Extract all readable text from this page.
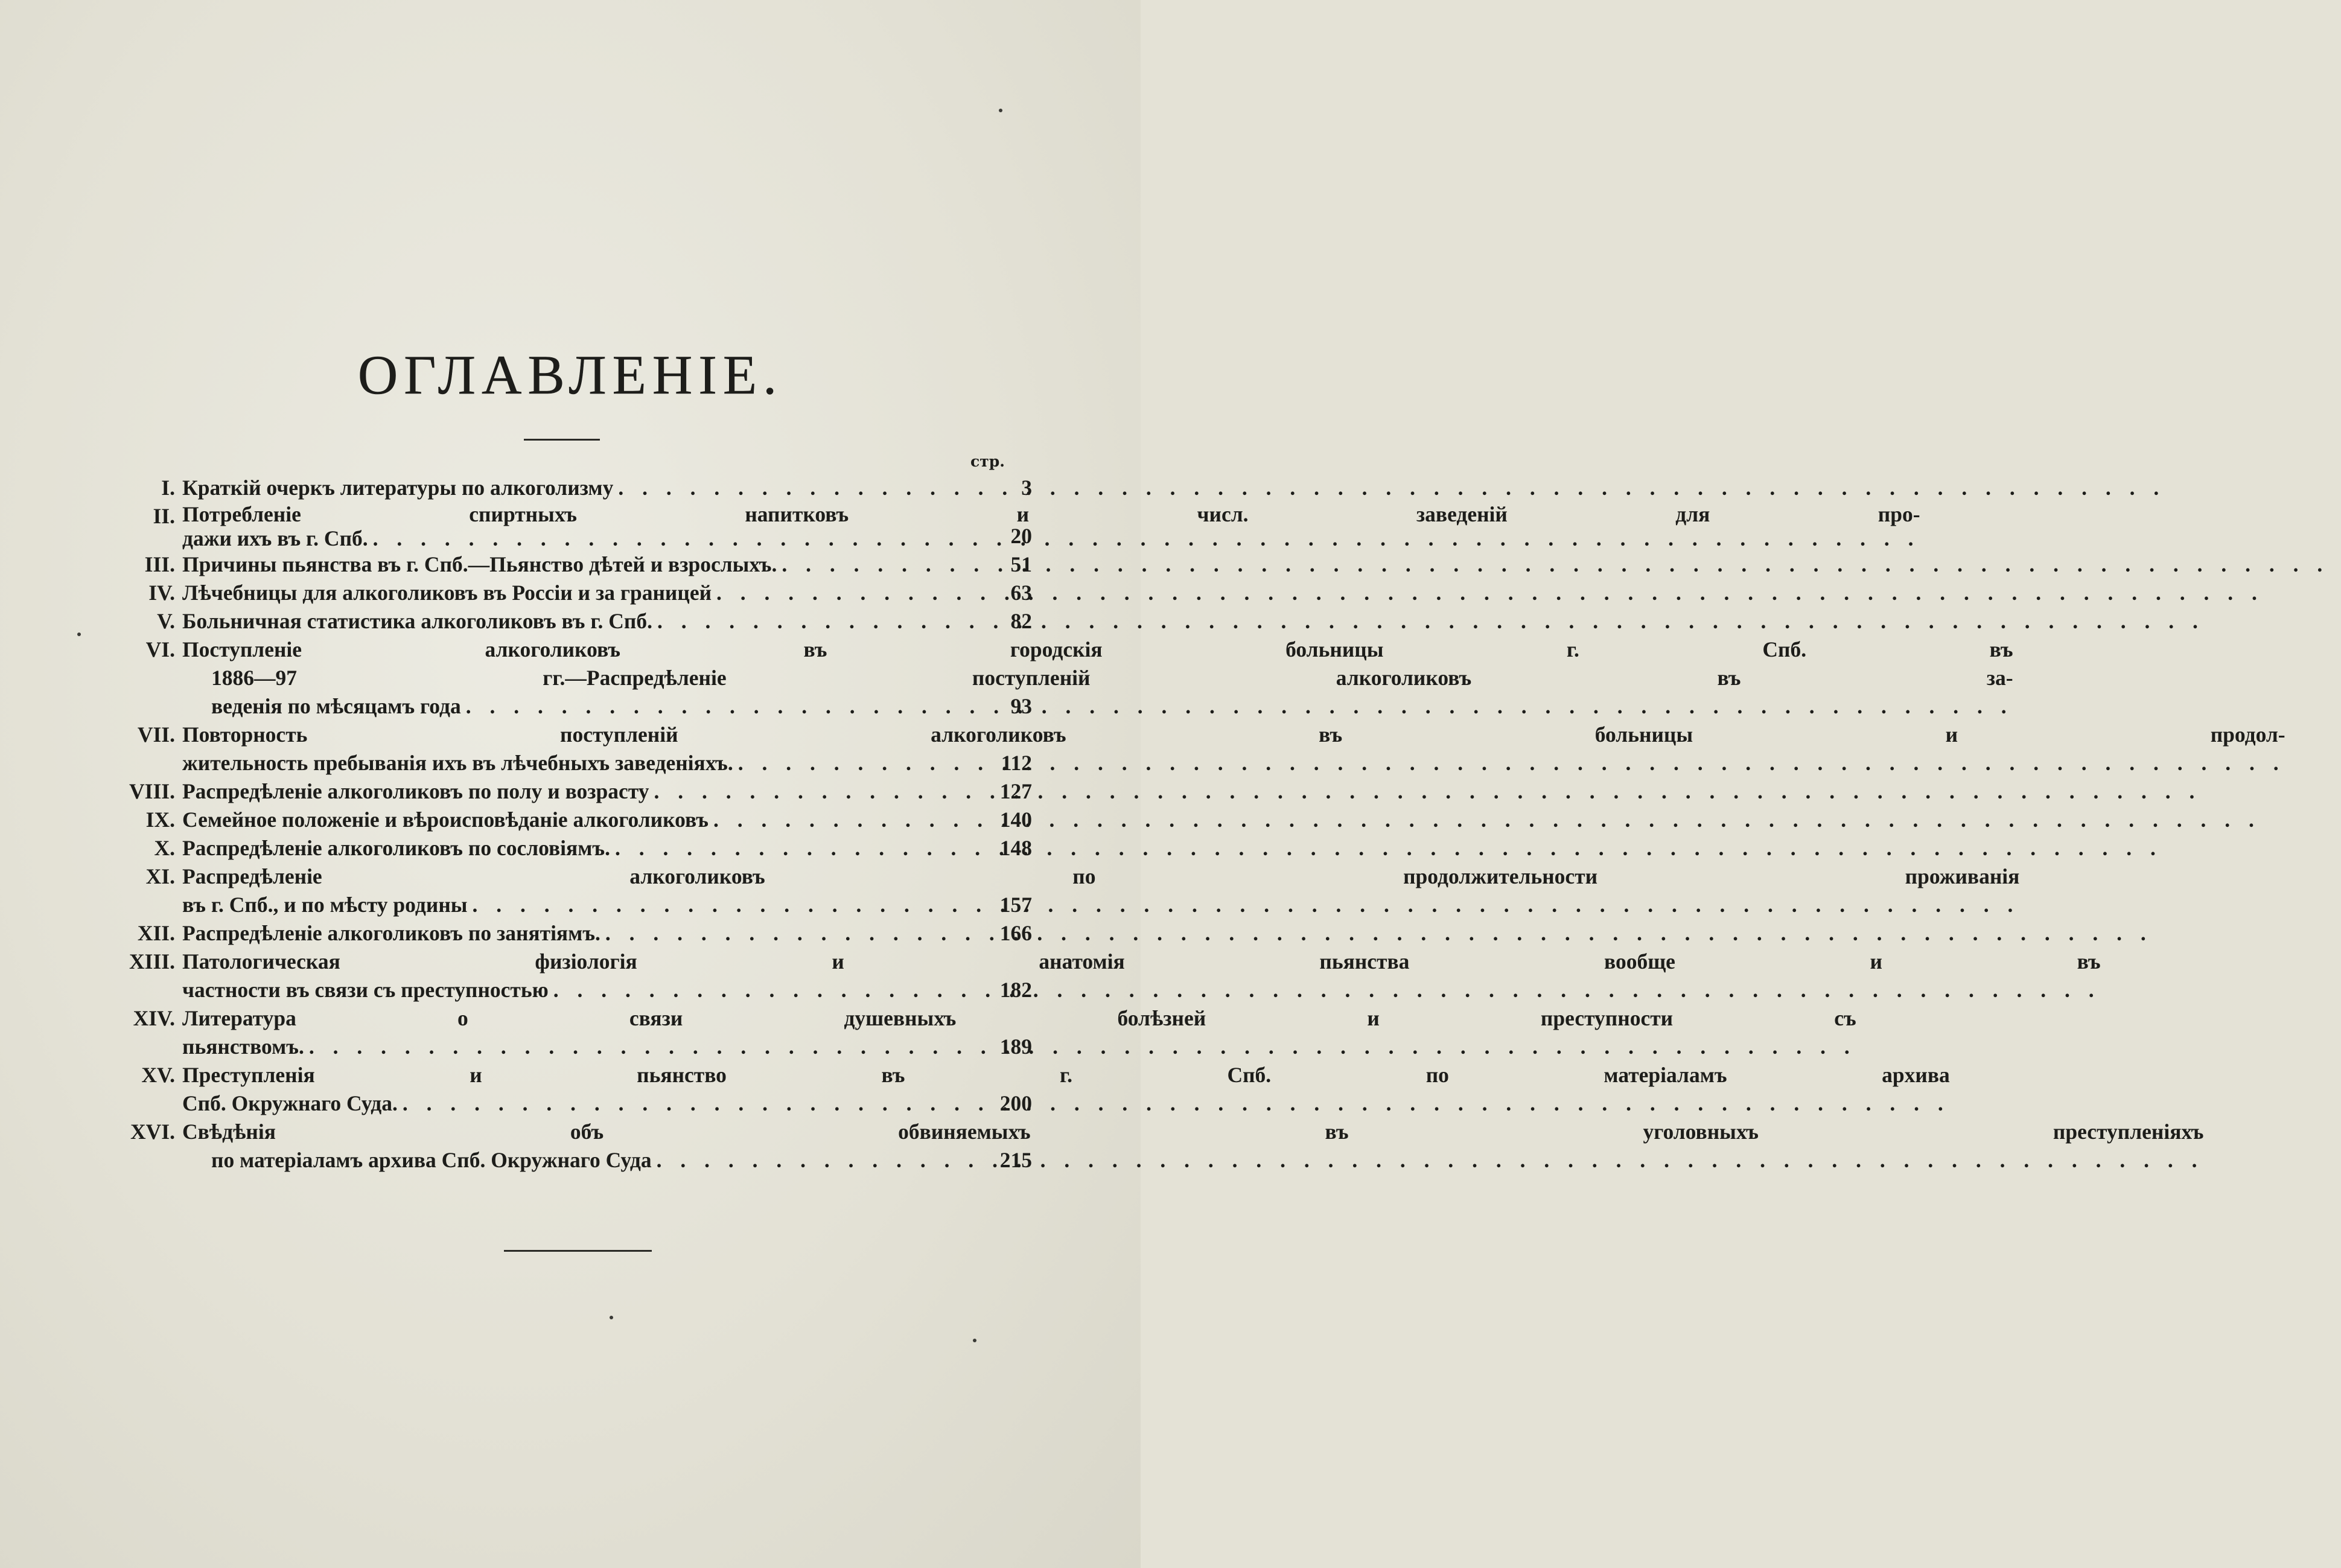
ОГЛАВЛЕНІЕ.
стр.
I. Краткій очеркъ литературы по алкоголизму . . .	3
II. Потребленіе спиртныхъ напитковъ и числ. заведеній для про-
дажи ихъ въ г. Спб. . . .	20
III. Причины пьянства въ г. Спб.—Пьянство дѣтей и взрослыхъ. . . .	51
IV. Лѣчебницы для алкоголиковъ въ Россіи и за границей . . .	63
V. Больничная статистика алкоголиковъ въ г. Спб. . . .	82
VI. Поступленіе алкоголиковъ въ городскія больницы г. Спб. въ
1886—97 гг.—Распредѣленіе поступленій алкоголиковъ въ за-
веденія по мѣсяцамъ года . . .	93
VII. Повторность поступленій алкоголиковъ въ больницы и продол-
жительность пребыванія ихъ въ лѣчебныхъ заведеніяхъ. . . .	112
VIII. Распредѣленіе алкоголиковъ по полу и возрасту . . .	127
IX. Семейное положеніе и вѣроисповѣданіе алкоголиковъ . . .	140
X. Распредѣленіе алкоголиковъ по сословіямъ. . . .	148
XI. Распредѣленіе алкоголиковъ по продолжительности проживанія
въ г. Спб., и по мѣсту родины . . .	157
XII. Распредѣленіе алкоголиковъ по занятіямъ. . . .	166
XIII. Патологическая физіологія и анатомія пьянства вообще и въ
частности въ связи съ преступностью . . .	182
XIV. Литература о связи душевныхъ болѣзней и преступности съ
пьянствомъ. . . .	189
XV. Преступленія и пьянство въ г. Спб. по матеріаламъ архива
Спб. Окружнаго Суда. . . .	200
XVI. Свѣдѣнія объ обвиняемыхъ въ уголовныхъ преступленіяхъ
по матеріаламъ архива Спб. Окружнаго Суда . . .	215
